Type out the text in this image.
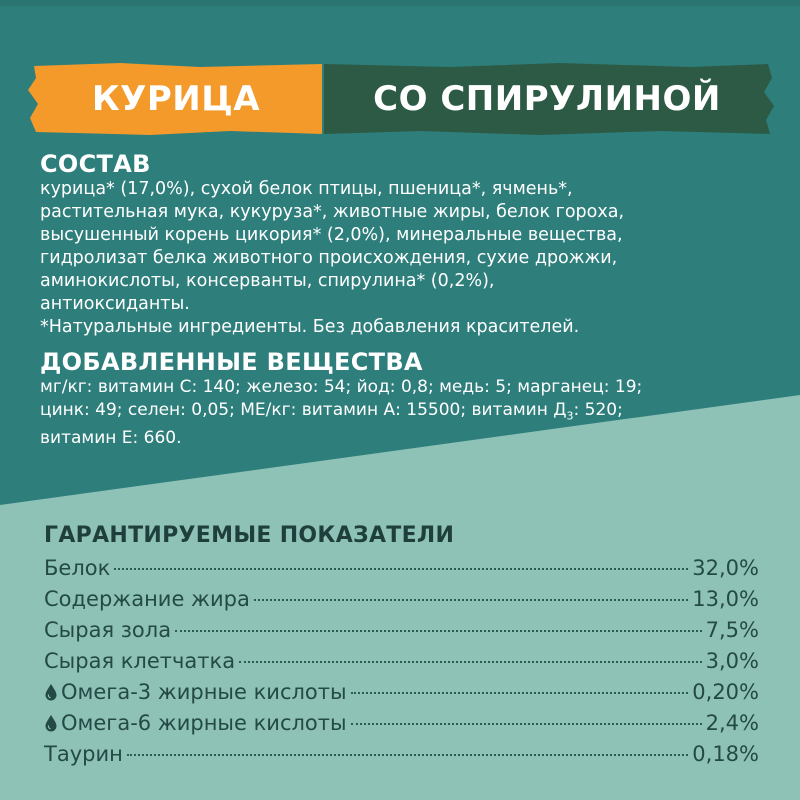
КУРИЦА	СО СПИРУЛИНОЙ
СОСТАВ

курица* (17,0%), сухой белок птицы, пшеница*, ячмень*,

растительная мука, кукуруза*, животные жиры, белок гороха,

высушенный корень цикория* (2,0%), минеральные вещества,

гидролизат белка животного происхождения, сухие дрожжи,

аминокислоты, консерванты, спирулина* (0,2%),

антиоксиданты.

*Натуральные ингредиенты. Без добавления красителей.

ДОБАВЛЕННЫЕ ВЕЩЕСТВА

мг/кг: витамин С: 140; железо: 54; йод: 0,8; медь: 5; марганец: 19;

цинк: 49; селен: 0,05; МЕ/кг: витамин А: 15500; витамин $Д_3$: 520;

витамин Е: 660.

ГАРАНТИРУЕМЫЕ ПОКАЗАТЕЛИ
Белок	32,0%
Содержание жира	13,0%
Сырая зола	7,5%
Сырая клетчатка	3,0%
Омега-3 жирные кислоты	0,20%
Омега-6 жирные кислоты	2,4%
Таурин	0,18%
